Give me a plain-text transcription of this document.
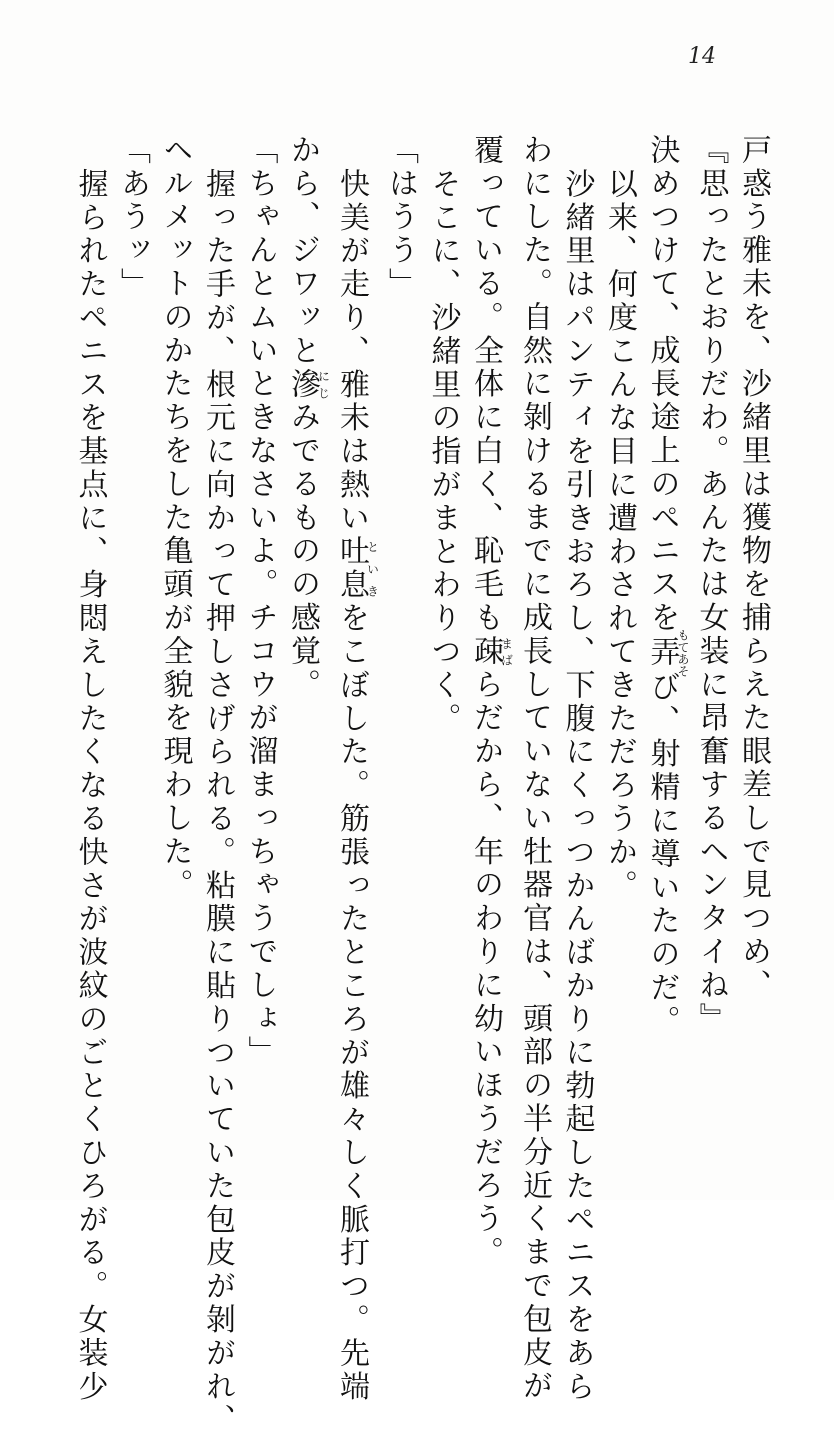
14
戸惑う雅未を、沙緒里は獲物を捕らえた眼差しで見つめ、
『思ったとおりだわ。あんたは女装に昂奮するヘンタイね』
決めつけて、成長途上のペニスを弄もてあそび、射精に導いたのだ。
以来、何度こんな目に遭わされてきただろうか。
沙緒里はパンティを引きおろし、下腹にくっつかんばかりに勃起したペニスをあら
わにした。自然に剝けるまでに成長していない牡器官は、頭部の半分近くまで包皮が
覆っている。全体に白く、恥毛も疎まばらだから、年のわりに幼いほうだろう。
そこに、沙緒里の指がまとわりつく。
「はうう」
快美が走り、雅未は熱い吐息といきをこぼした。筋張ったところが雄々しく脈打つ。先端
から、ジワッと滲にじみでるものの感覚。
「ちゃんとムいときなさいよ。チコウが溜まっちゃうでしょ」
握った手が、根元に向かって押しさげられる。粘膜に貼りついていた包皮が剝がれ、
ヘルメットのかたちをした亀頭が全貌を現わした。
「あうッ」
握られたペニスを基点に、身悶えしたくなる快さが波紋のごとくひろがる。女装少
